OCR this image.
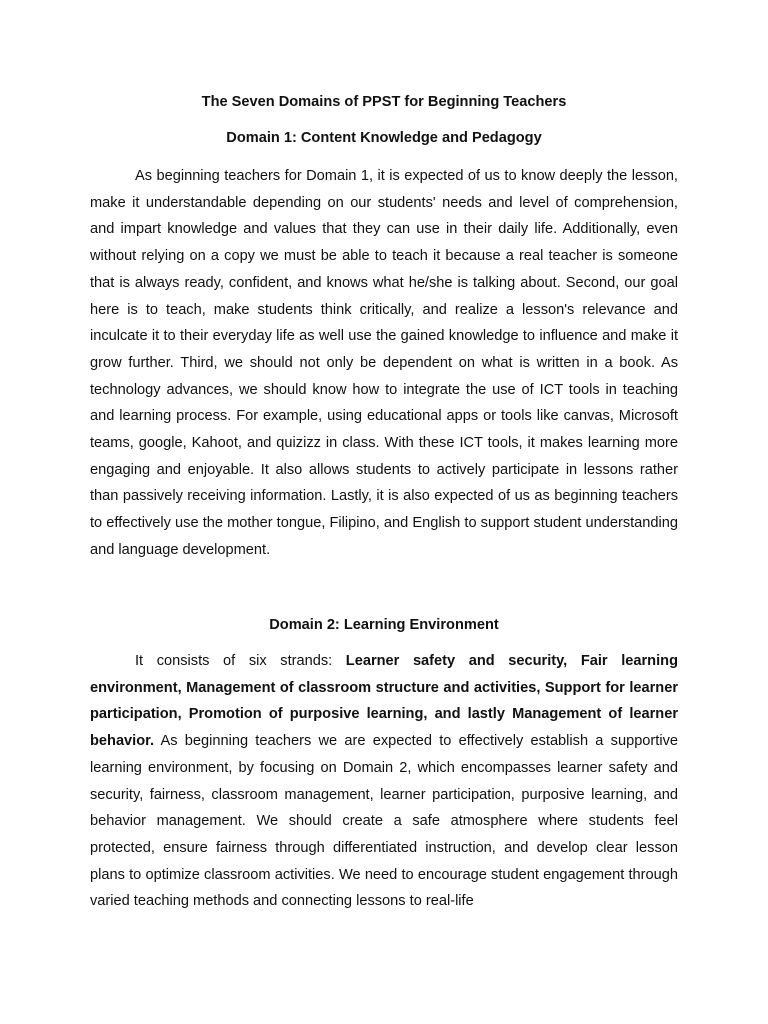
The Seven Domains of PPST for Beginning Teachers
Domain 1: Content Knowledge and Pedagogy

As beginning teachers for Domain 1, it is expected of us to know deeply the lesson, make it understandable depending on our students' needs and level of comprehension, and impart knowledge and values that they can use in their daily life. Additionally, even without relying on a copy we must be able to teach it because a real teacher is someone that is always ready, confident, and knows what he/she is talking about. Second, our goal here is to teach, make students think critically, and realize a lesson's relevance and inculcate it to their everyday life as well use the gained knowledge to influence and make it grow further. Third, we should not only be dependent on what is written in a book. As technology advances, we should know how to integrate the use of ICT tools in teaching and learning process. For example, using educational apps or tools like canvas, Microsoft teams, google, Kahoot, and quizizz in class. With these ICT tools, it makes learning more engaging and enjoyable. It also allows students to actively participate in lessons rather than passively receiving information. Lastly, it is also expected of us as beginning teachers to effectively use the mother tongue, Filipino, and English to support student understanding and language development.

Domain 2: Learning Environment

It consists of six strands: Learner safety and security, Fair learning environment, Management of classroom structure and activities, Support for learner participation, Promotion of purposive learning, and lastly Management of learner behavior. As beginning teachers we are expected to effectively establish a supportive learning environment, by focusing on Domain 2, which encompasses learner safety and security, fairness, classroom management, learner participation, purposive learning, and behavior management. We should create a safe atmosphere where students feel protected, ensure fairness through differentiated instruction, and develop clear lesson plans to optimize classroom activities. We need to encourage student engagement through varied teaching methods and connecting lessons to real-life
